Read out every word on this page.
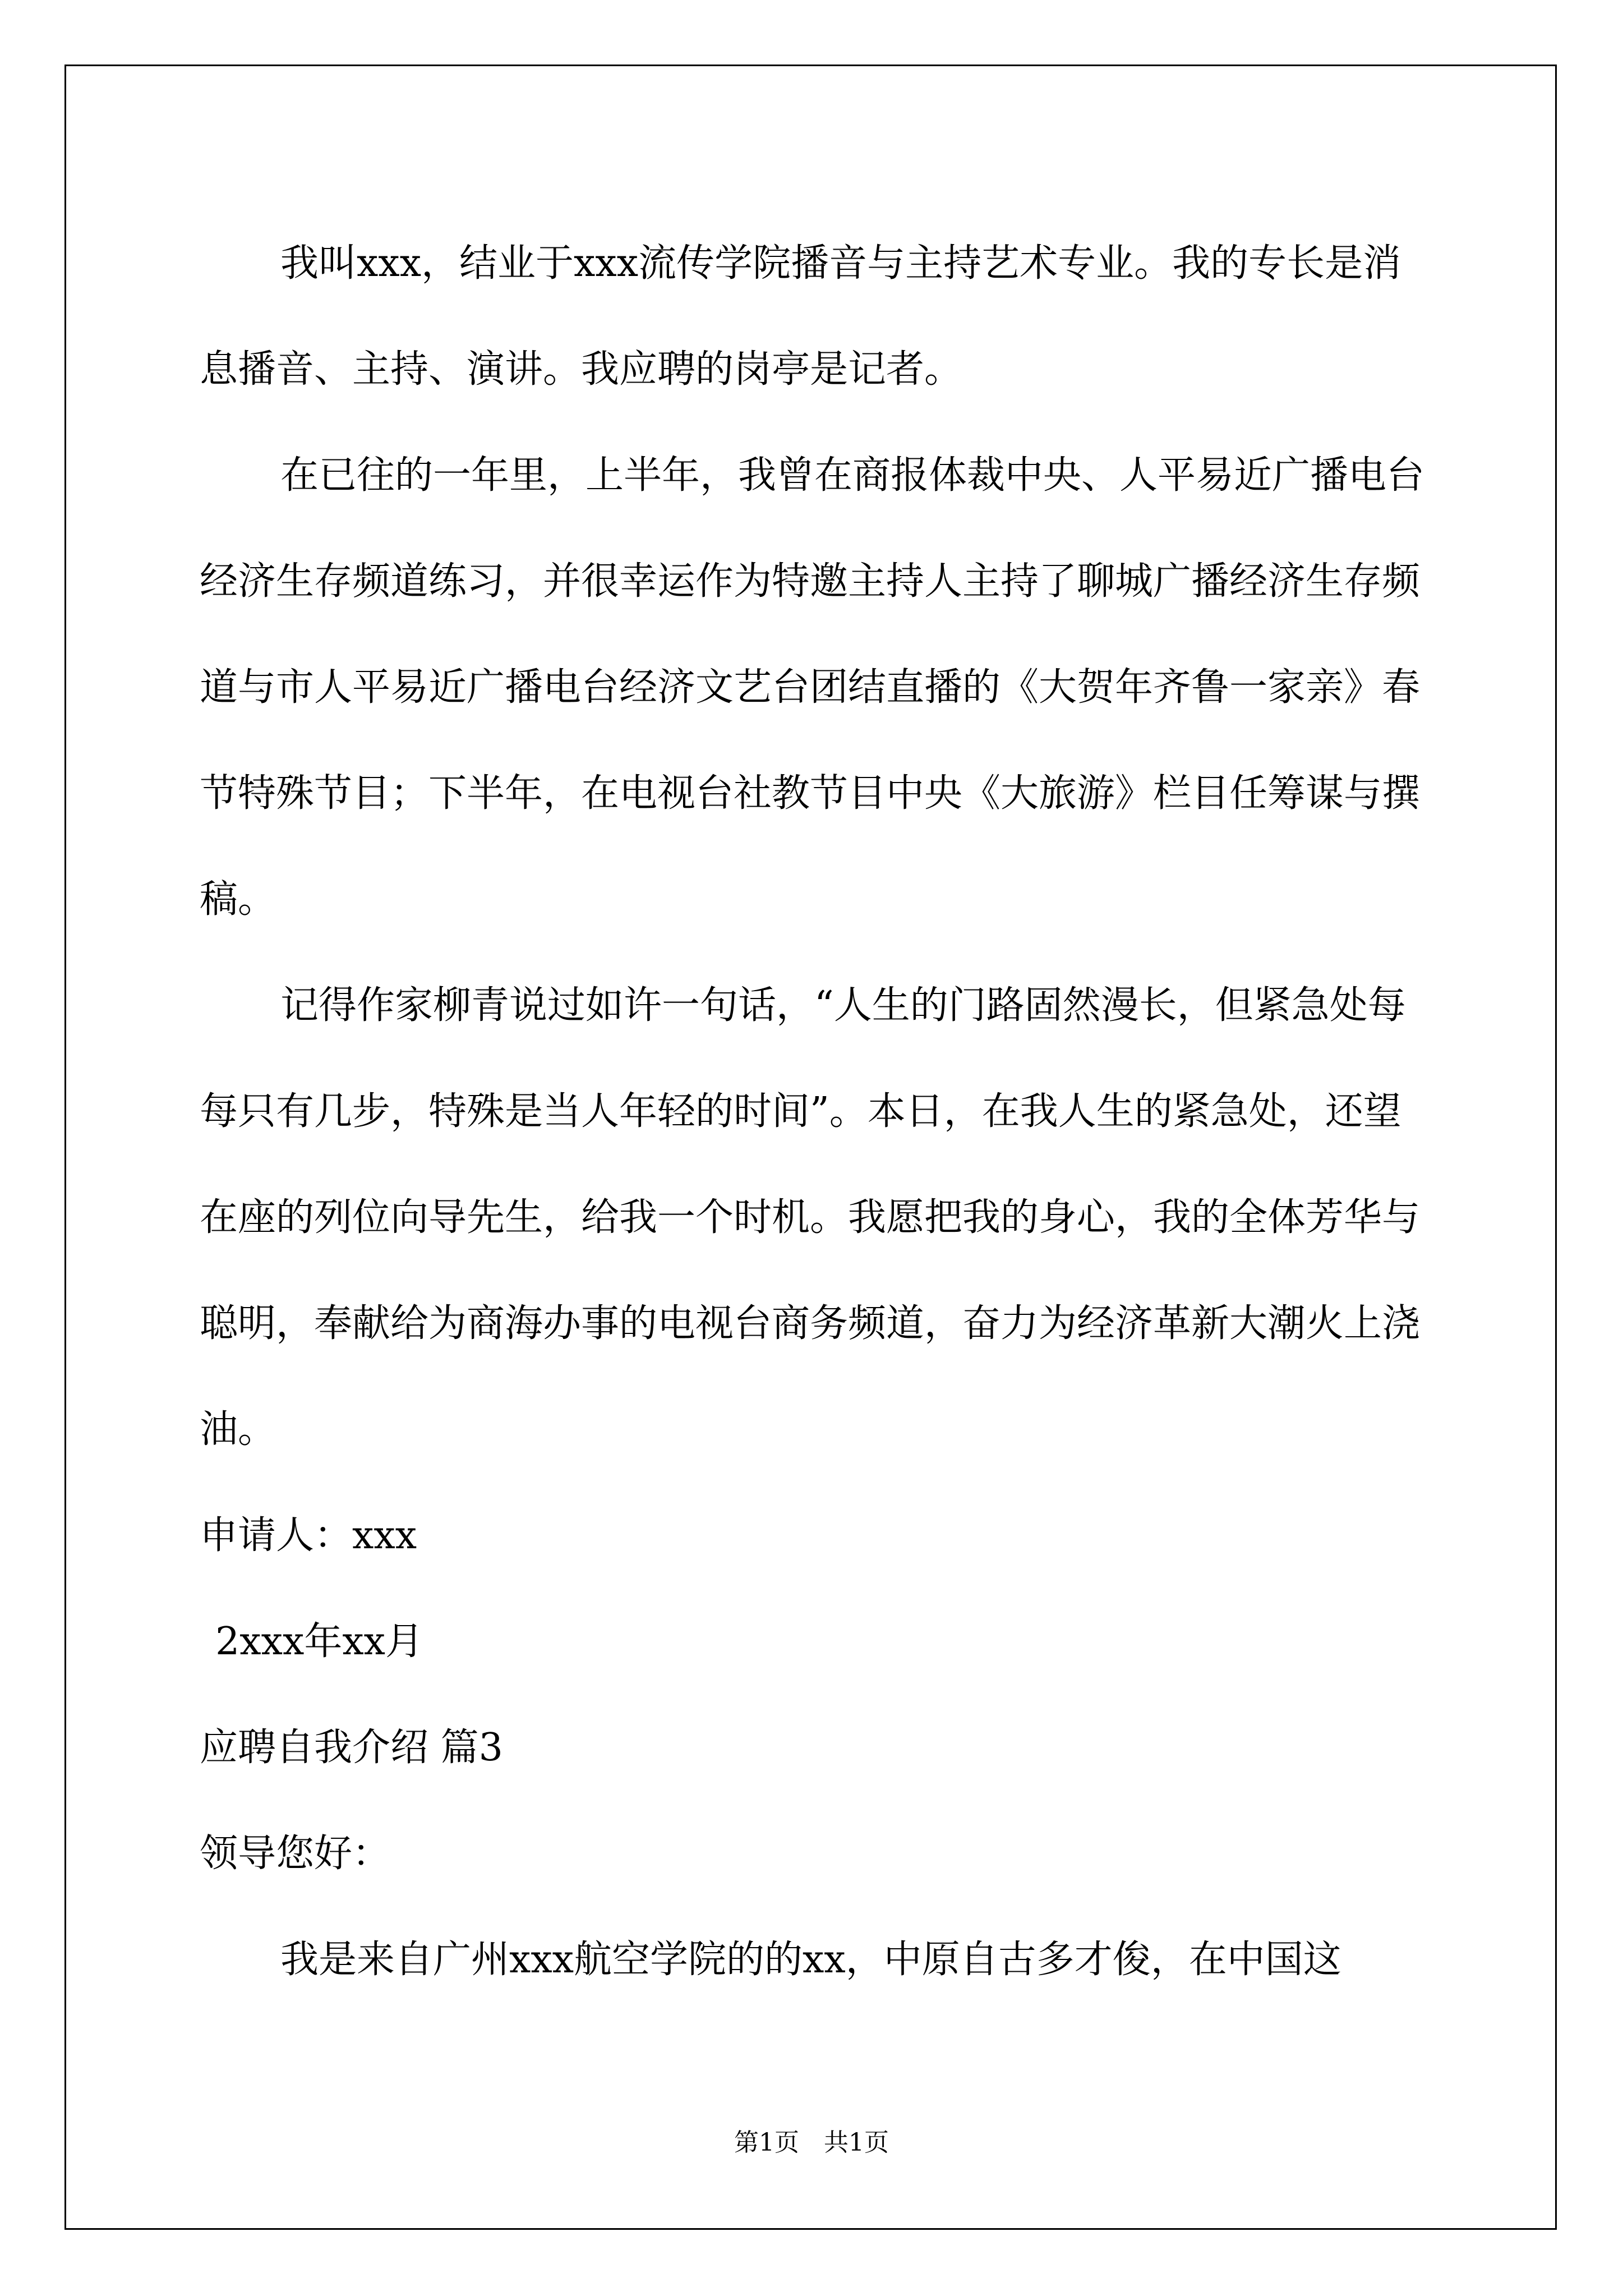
我叫xxx，结业于xxx流传学院播音与主持艺术专业。我的专长是消息播音、主持、演讲。我应聘的岗亭是记者。

在已往的一年里，上半年，我曾在商报体裁中央、人平易近广播电台经济生存频道练习，并很幸运作为特邀主持人主持了聊城广播经济生存频道与市人平易近广播电台经济文艺台团结直播的《大贺年齐鲁一家亲》春节特殊节目；下半年，在电视台社教节目中央《大旅游》栏目任筹谋与撰稿。

记得作家柳青说过如许一句话，“人生的门路固然漫长，但紧急处每每只有几步，特殊是当人年轻的时间”。本日，在我人生的紧急处，还望在座的列位向导先生，给我一个时机。我愿把我的身心，我的全体芳华与聪明，奉献给为商海办事的电视台商务频道，奋力为经济革新大潮火上浇油。

申请人：xxx

2xxx年xx月

应聘自我介绍 篇3

领导您好：

我是来自广州xxx航空学院的的xx，中原自古多才俊，在中国这

第1页　共1页
